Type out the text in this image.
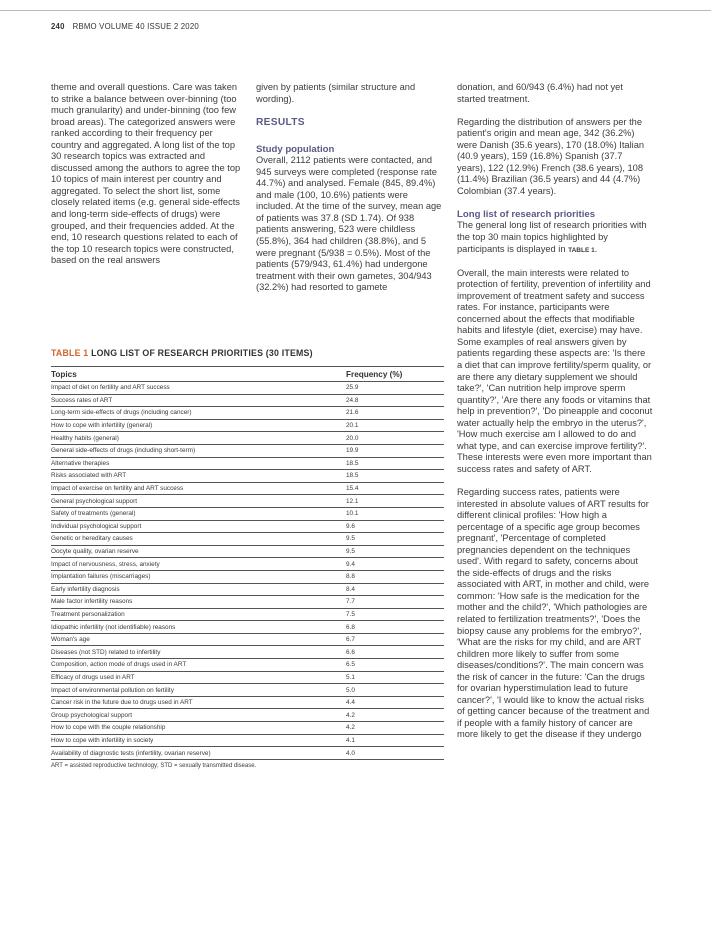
240 RBMO VOLUME 40 ISSUE 2 2020

theme and overall questions. Care was taken to strike a balance between over-binning (too much granularity) and under-binning (too few broad areas). The categorized answers were ranked according to their frequency per country and aggregated. A long list of the top 30 research topics was extracted and discussed among the authors to agree the top 10 topics of main interest per country and aggregated. To select the short list, some closely related items (e.g. general side-effects and long-term side-effects of drugs) were grouped, and their frequencies added. At the end, 10 research questions related to each of the top 10 research topics were constructed, based on the real answers

given by patients (similar structure and wording).

RESULTS
Study population

Overall, 2112 patients were contacted, and 945 surveys were completed (response rate 44.7%) and analysed. Female (845, 89.4%) and male (100, 10.6%) patients were included. At the time of the survey, mean age of patients was 37.8 (SD 1.74). Of 938 patients answering, 523 were childless (55.8%), 364 had children (38.8%), and 5 were pregnant (5/938 = 0.5%). Most of the patients (579/943, 61.4%) had undergone treatment with their own gametes, 304/943 (32.2%) had resorted to gamete

donation, and 60/943 (6.4%) had not yet started treatment.

Regarding the distribution of answers per the patient's origin and mean age, 342 (36.2%) were Danish (35.6 years), 170 (18.0%) Italian (40.9 years), 159 (16.8%) Spanish (37.7 years), 122 (12.9%) French (38.6 years), 108 (11.4%) Brazilian (36.5 years) and 44 (4.7%) Colombian (37.4 years).

Long list of research priorities

The general long list of research priorities with the top 30 main topics highlighted by participants is displayed in TABLE 1.

Overall, the main interests were related to protection of fertility, prevention of infertility and improvement of treatment safety and success rates. For instance, participants were concerned about the effects that modifiable habits and lifestyle (diet, exercise) may have. Some examples of real answers given by patients regarding these aspects are: 'Is there a diet that can improve fertility/sperm quality, or are there any dietary supplement we should take?', 'Can nutrition help improve sperm quantity?', 'Are there any foods or vitamins that help in prevention?', 'Do pineapple and coconut water actually help the embryo in the uterus?', 'How much exercise am I allowed to do and what type, and can exercise improve fertility?'. These interests were even more important than success rates and safety of ART.

Regarding success rates, patients were interested in absolute values of ART results for different clinical profiles: 'How high a percentage of a specific age group becomes pregnant', 'Percentage of completed pregnancies dependent on the techniques used'. With regard to safety, concerns about the side-effects of drugs and the risks associated with ART, in mother and child, were common: 'How safe is the medication for the mother and the child?', 'Which pathologies are related to fertilization treatments?', 'Does the biopsy cause any problems for the embryo?', 'What are the risks for my child, and are ART children more likely to suffer from some diseases/conditions?'. The main concern was the risk of cancer in the future: 'Can the drugs for ovarian hyperstimulation lead to future cancer?', 'I would like to know the actual risks of getting cancer because of the treatment and if people with a family history of cancer are more likely to get the disease if they undergo

TABLE 1 LONG LIST OF RESEARCH PRIORITIES (30 ITEMS)
Topics	Frequency (%)
Impact of diet on fertility and ART success	25.9
Success rates of ART	24.8
Long-term side-effects of drugs (including cancer)	21.6
How to cope with infertility (general)	20.1
Healthy habits (general)	20.0
General side-effects of drugs (including short-term)	19.9
Alternative therapies	18.5
Risks associated with ART	18.5
Impact of exercise on fertility and ART success	15.4
General psychological support	12.1
Safety of treatments (general)	10.1
Individual psychological support	9.6
Genetic or hereditary causes	9.5
Oocyte quality, ovarian reserve	9.5
Impact of nervousness, stress, anxiety	9.4
Implantation failures (miscarriages)	8.8
Early infertility diagnosis	8.4
Male factor infertility reasons	7.7
Treatment personalization	7.5
Idiopathic infertility (not identifiable) reasons	6.8
Woman's age	6.7
Diseases (not STD) related to infertility	6.6
Composition, action mode of drugs used in ART	6.5
Efficacy of drugs used in ART	5.1
Impact of environmental pollution on fertility	5.0
Cancer risk in the future due to drugs used in ART	4.4
Group psychological support	4.2
How to cope with the couple relationship	4.2
How to cope with infertility in society	4.1
Availability of diagnostic tests (infertility, ovarian reserve)	4.0
ART = assisted reproductive technology; STD = sexually transmitted disease.
